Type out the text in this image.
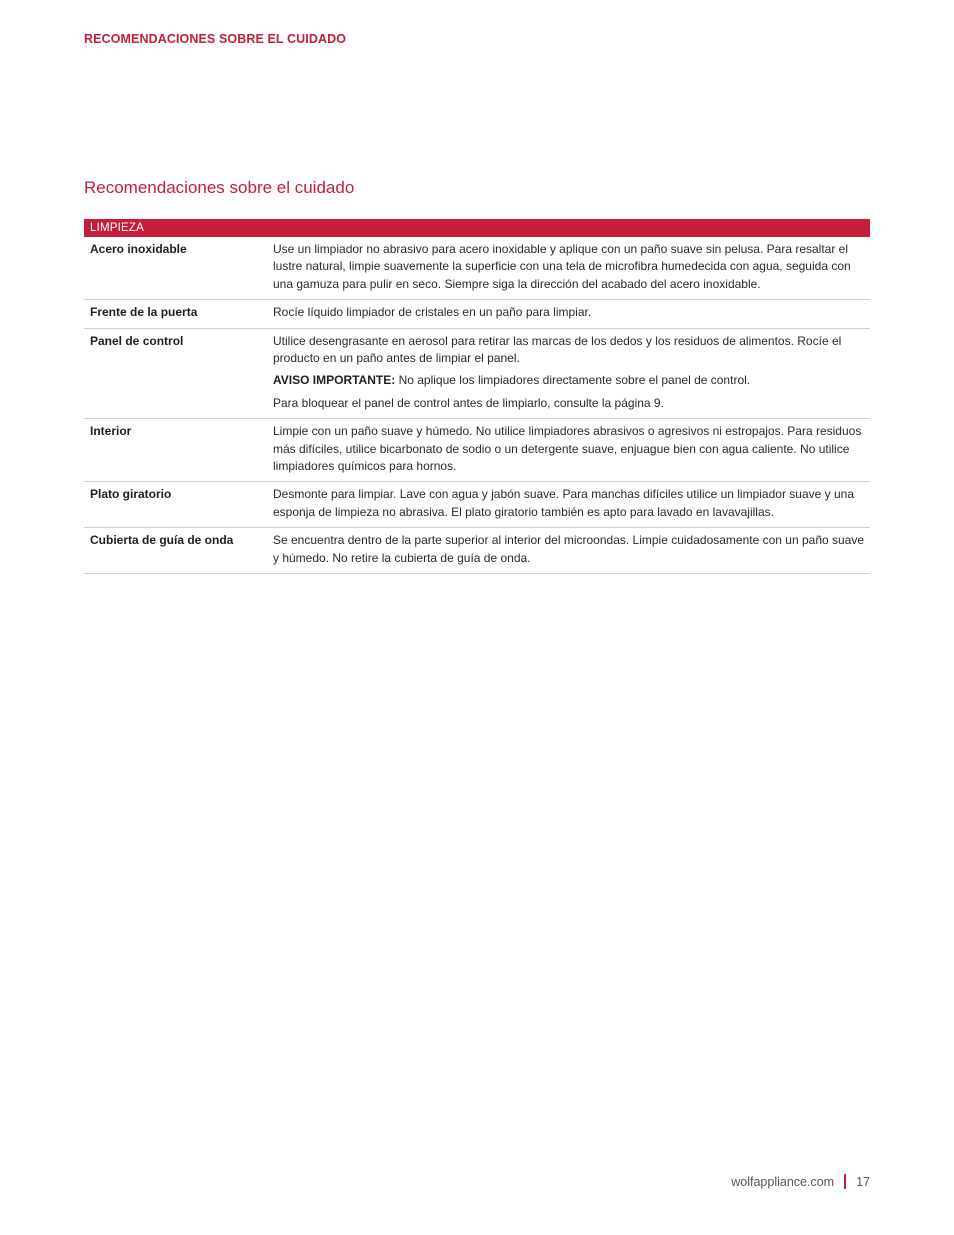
RECOMENDACIONES SOBRE EL CUIDADO
Recomendaciones sobre el cuidado
LIMPIEZA	
Acero inoxidable	Use un limpiador no abrasivo para acero inoxidable y aplique con un paño suave sin pelusa. Para resaltar el lustre natural, limpie suavemente la superficie con una tela de microfibra humedecida con agua, seguida con una gamuza para pulir en seco. Siempre siga la dirección del acabado del acero inoxidable.

Frente de la puerta	Rocíe líquido limpiador de cristales en un paño para limpiar.

Panel de control	Utilice desengrasante en aerosol para retirar las marcas de los dedos y los residuos de alimentos. Rocíe el producto en un paño antes de limpiar el panel.

AVISO IMPORTANTE: No aplique los limpiadores directamente sobre el panel de control.

Para bloquear el panel de control antes de limpiarlo, consulte la página 9.

Interior	Limpie con un paño suave y húmedo. No utilice limpiadores abrasivos o agresivos ni estropajos. Para residuos más difíciles, utilice bicarbonato de sodio o un detergente suave, enjuague bien con agua caliente. No utilice limpiadores químicos para hornos.

Plato giratorio	Desmonte para limpiar. Lave con agua y jabón suave. Para manchas difíciles utilice un limpiador suave y una esponja de limpieza no abrasiva. El plato giratorio también es apto para lavado en lavavajillas.

Cubierta de guía de onda	Se encuentra dentro de la parte superior al interior del microondas. Limpie cuidadosamente con un paño suave y húmedo. No retire la cubierta de guía de onda.

wolfappliance.com 17
